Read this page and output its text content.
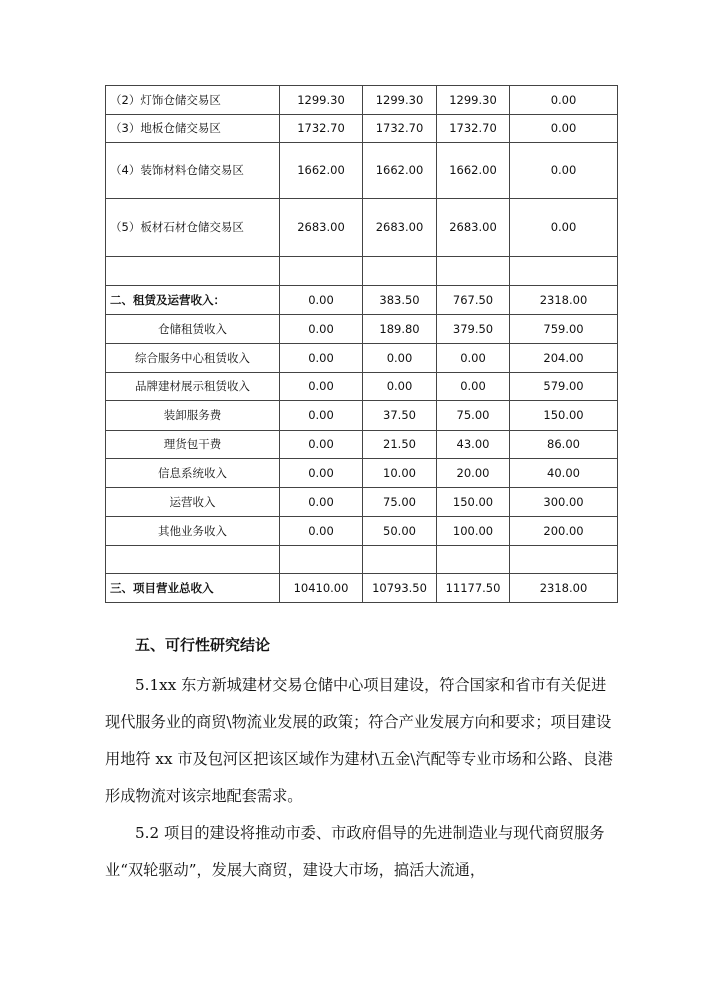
（2）灯饰仓储交易区	1299.30	1299.30	1299.30	0.00
（3）地板仓储交易区	1732.70	1732.70	1732.70	0.00
（4）装饰材料仓储交易区	1662.00	1662.00	1662.00	0.00
（5）板材石材仓储交易区	2683.00	2683.00	2683.00	0.00

二、租赁及运营收入：	0.00	383.50	767.50	2318.00
仓储租赁收入	0.00	189.80	379.50	759.00
综合服务中心租赁收入	0.00	0.00	0.00	204.00
品牌建材展示租赁收入	0.00	0.00	0.00	579.00
装卸服务费	0.00	37.50	75.00	150.00
理货包干费	0.00	21.50	43.00	86.00
信息系统收入	0.00	10.00	20.00	40.00
运营收入	0.00	75.00	150.00	300.00
其他业务收入	0.00	50.00	100.00	200.00

三、项目营业总收入	10410.00	10793.50	11177.50	2318.00
五、可行性研究结论

5.1xx 东方新城建材交易仓储中心项目建设，符合国家和省市有关促进现代服务业的商贸\物流业发展的政策；符合产业发展方向和要求；项目建设用地符 xx 市及包河区把该区域作为建材\五金\汽配等专业市场和公路、良港形成物流对该宗地配套需求。

5.2 项目的建设将推动市委、市政府倡导的先进制造业与现代商贸服务业“双轮驱动”，发展大商贸，建设大市场，搞活大流通，
